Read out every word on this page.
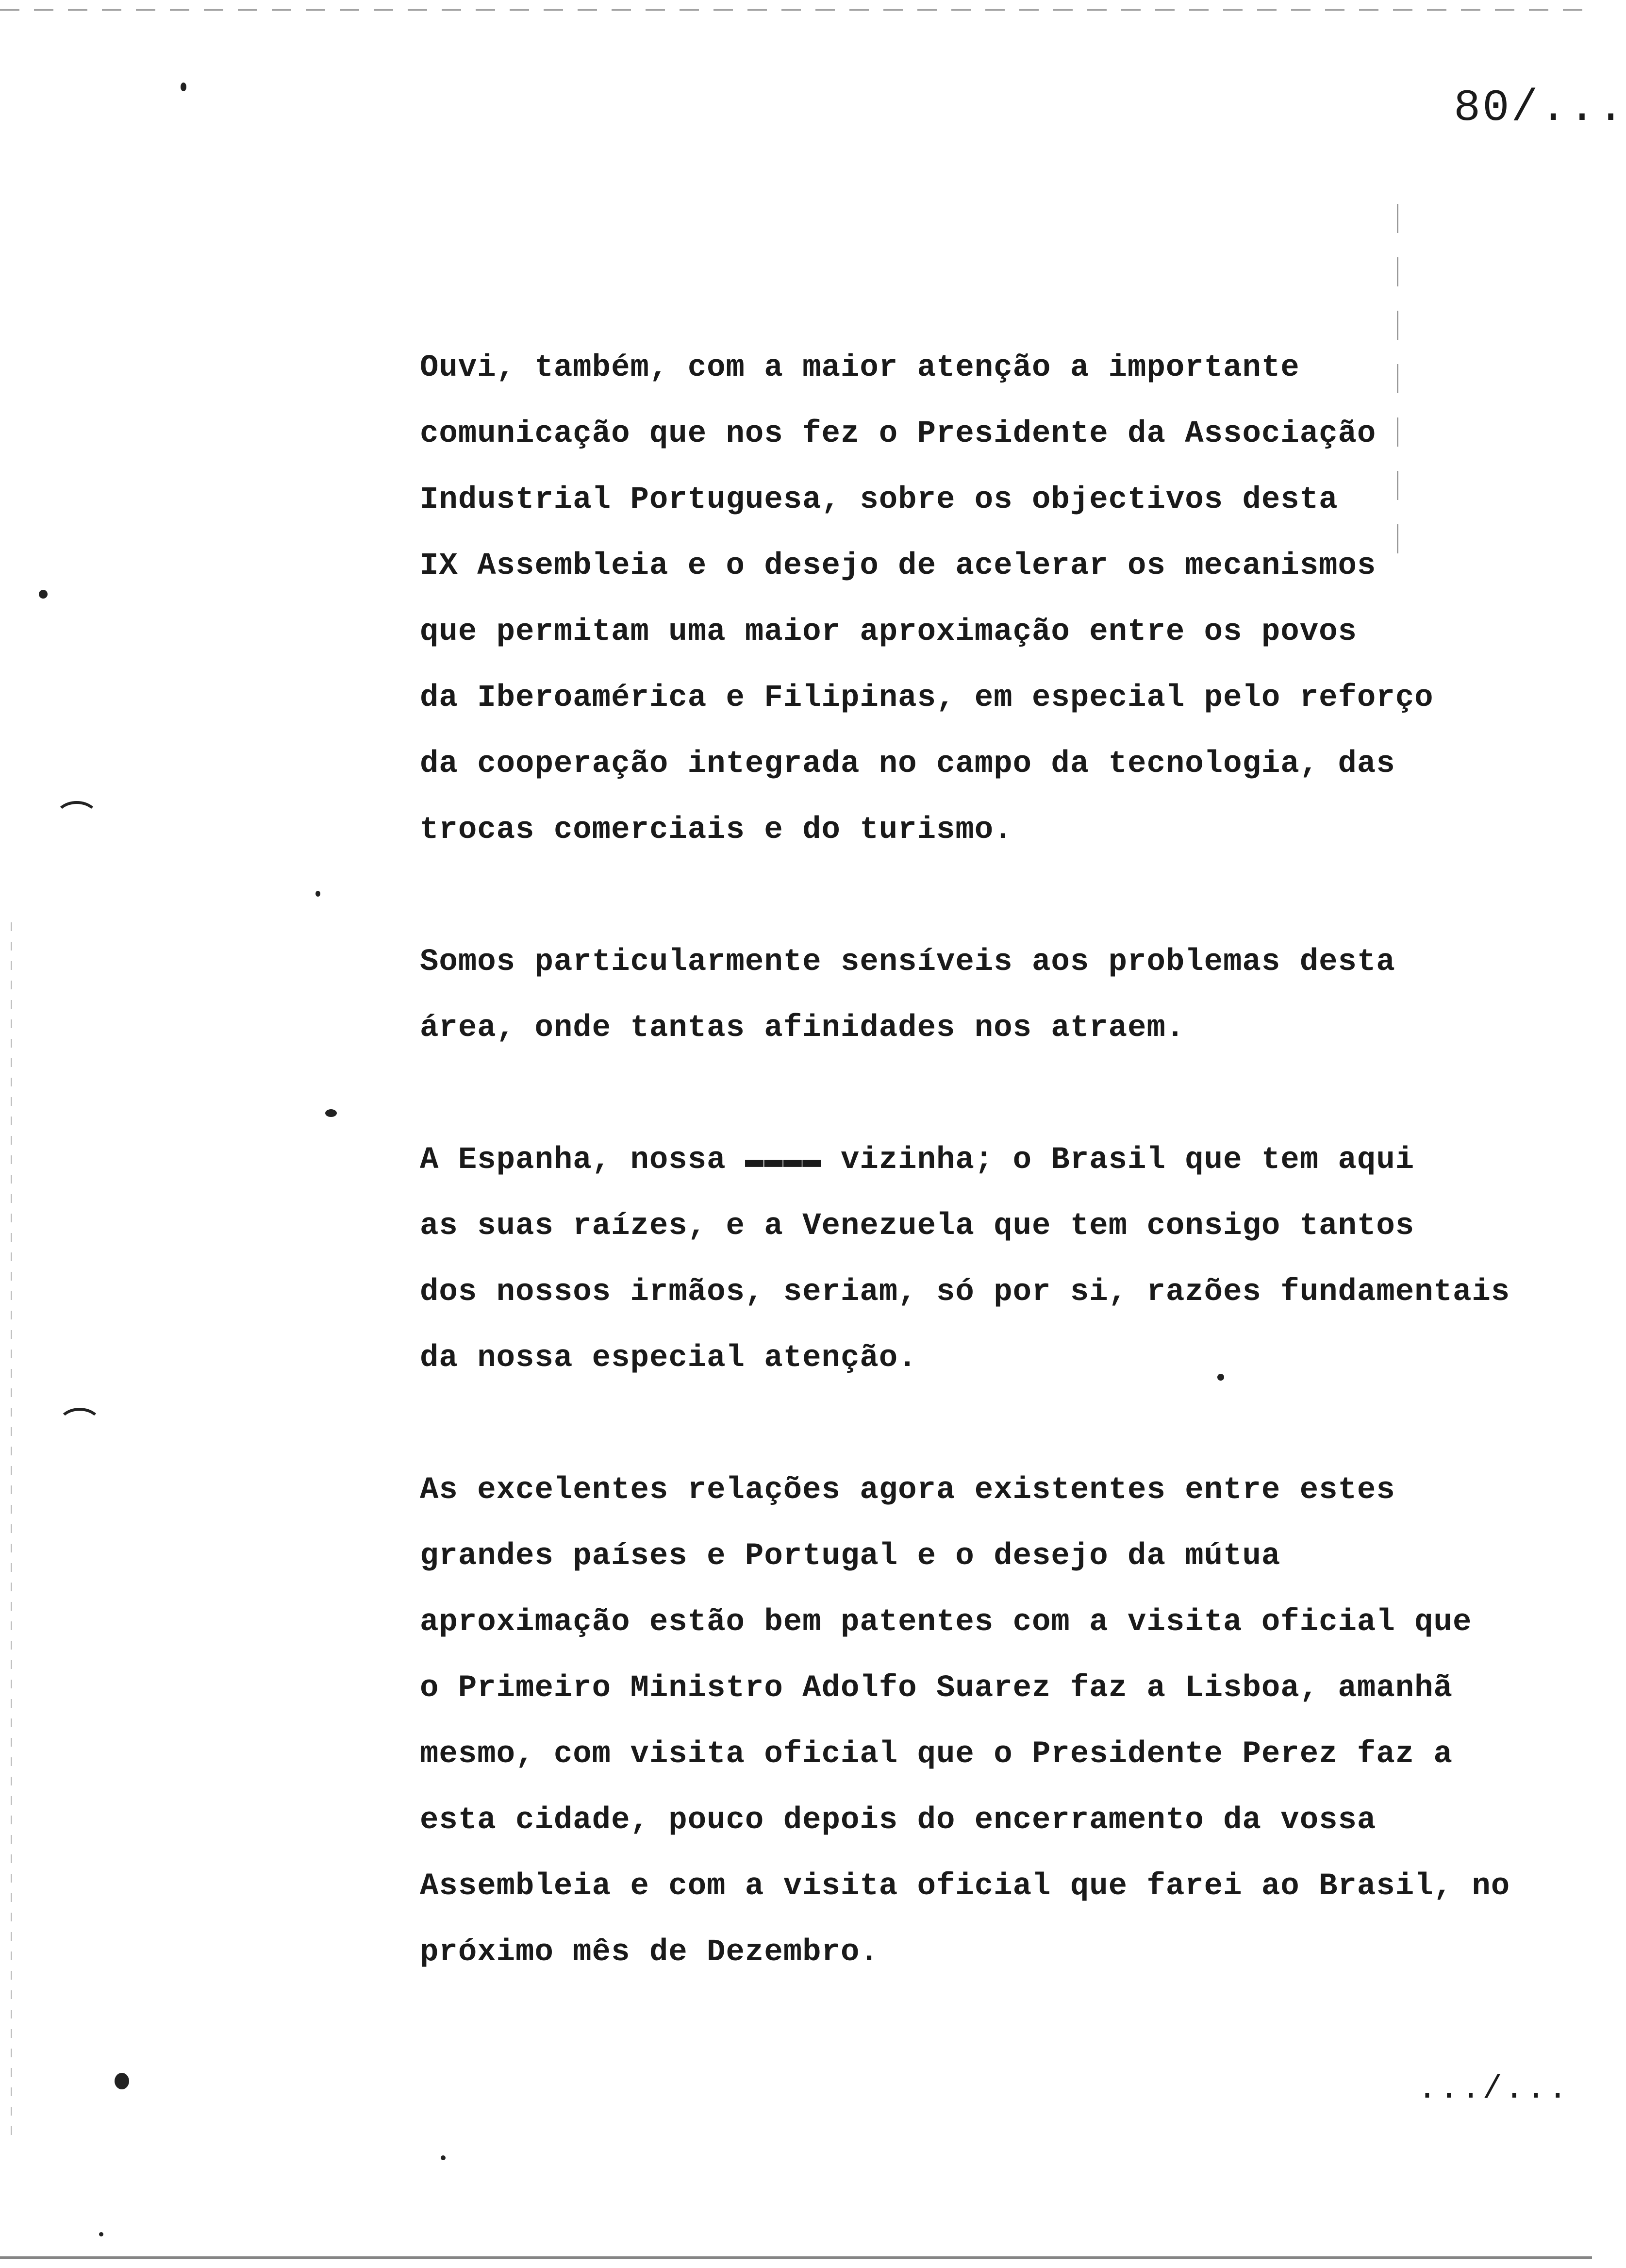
80/...
Ouvi, também, com a maior atenção a importante
comunicação que nos fez o Presidente da Associação
Industrial Portuguesa, sobre os objectivos desta
IX Assembleia e o desejo de acelerar os mecanismos
que permitam uma maior aproximação entre os povos
da Iberoamérica e Filipinas, em especial pelo reforço
da cooperação integrada no campo da tecnologia, das
trocas comerciais e do turismo.
Somos particularmente sensíveis aos problemas desta
área, onde tantas afinidades nos atraem.
A Espanha, nossa ▬▬▬▬ vizinha; o Brasil que tem aqui
as suas raízes, e a Venezuela que tem consigo tantos
dos nossos irmãos, seriam, só por si, razões fundamentais
da nossa especial atenção.
As excelentes relações agora existentes entre estes
grandes países e Portugal e o desejo da mútua
aproximação estão bem patentes com a visita oficial que
o Primeiro Ministro Adolfo Suarez faz a Lisboa, amanhã
mesmo, com visita oficial que o Presidente Perez faz a
esta cidade, pouco depois do encerramento da vossa
Assembleia e com a visita oficial que farei ao Brasil, no
próximo mês de Dezembro.
.../...
